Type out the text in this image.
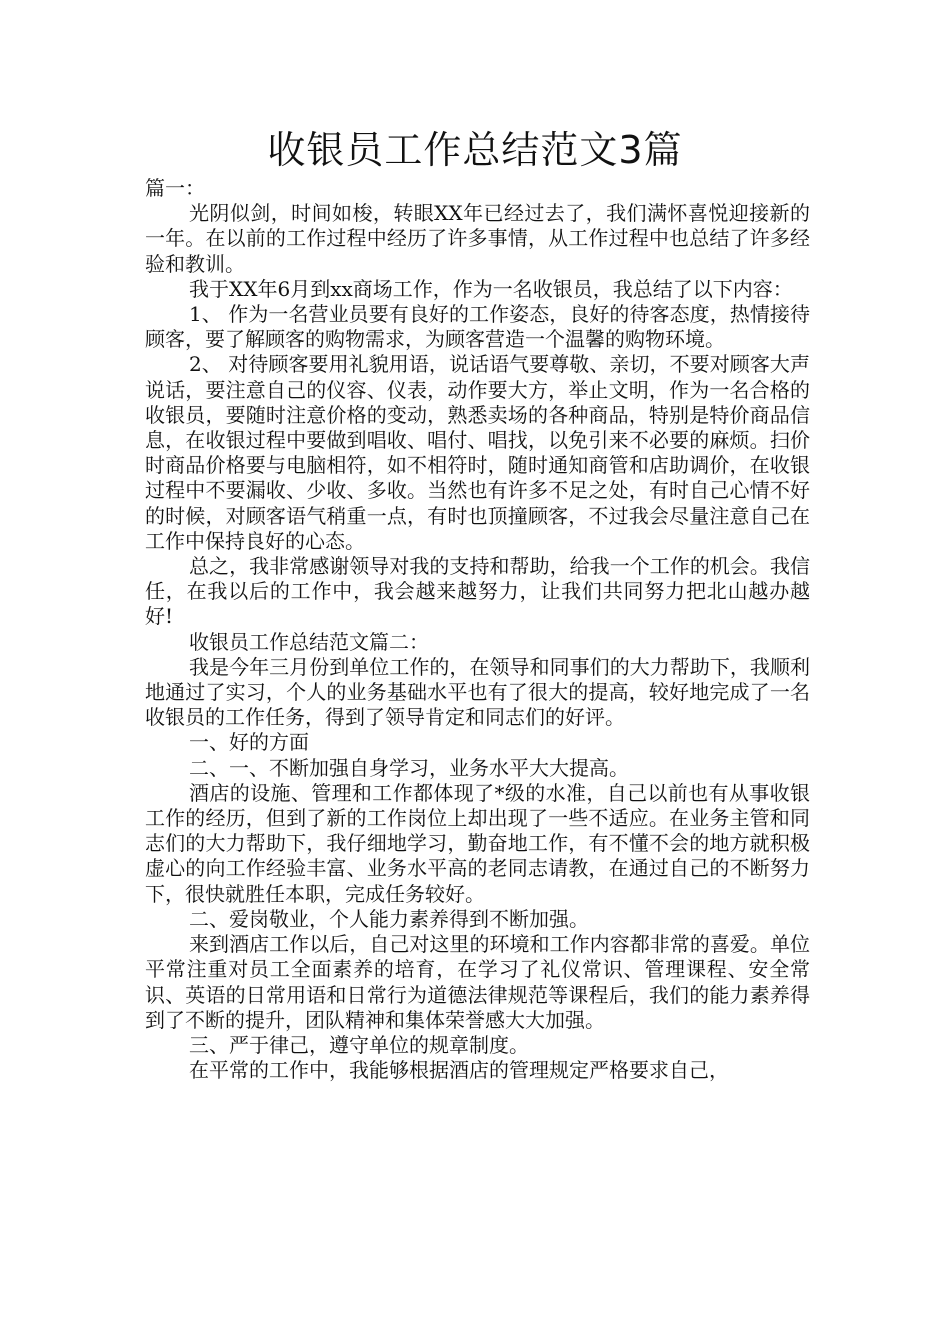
收银员工作总结范文3篇

篇一：

光阴似剑，时间如梭，转眼XX年已经过去了，我们满怀喜悦迎接新的一年。在以前的工作过程中经历了许多事情，从工作过程中也总结了许多经验和教训。

我于XX年6月到xx商场工作，作为一名收银员，我总结了以下内容：

1、 作为一名营业员要有良好的工作姿态，良好的待客态度，热情接待顾客，要了解顾客的购物需求，为顾客营造一个温馨的购物环境。

2、 对待顾客要用礼貌用语，说话语气要尊敬、亲切，不要对顾客大声说话，要注意自己的仪容、仪表，动作要大方，举止文明，作为一名合格的收银员，要随时注意价格的变动，熟悉卖场的各种商品，特别是特价商品信息，在收银过程中要做到唱收、唱付、唱找，以免引来不必要的麻烦。扫价时商品价格要与电脑相符，如不相符时，随时通知商管和店助调价，在收银过程中不要漏收、少收、多收。当然也有许多不足之处，有时自己心情不好的时候，对顾客语气稍重一点，有时也顶撞顾客，不过我会尽量注意自己在工作中保持良好的心态。

总之，我非常感谢领导对我的支持和帮助，给我一个工作的机会。我信任，在我以后的工作中，我会越来越努力，让我们共同努力把北山越办越好!

收银员工作总结范文篇二：

我是今年三月份到单位工作的，在领导和同事们的大力帮助下，我顺利地通过了实习，个人的业务基础水平也有了很大的提高，较好地完成了一名收银员的工作任务，得到了领导肯定和同志们的好评。

一、好的方面

二、一、不断加强自身学习，业务水平大大提高。

酒店的设施、管理和工作都体现了*级的水准，自己以前也有从事收银工作的经历，但到了新的工作岗位上却出现了一些不适应。在业务主管和同志们的大力帮助下，我仔细地学习，勤奋地工作，有不懂不会的地方就积极虚心的向工作经验丰富、业务水平高的老同志请教，在通过自己的不断努力下，很快就胜任本职，完成任务较好。

二、爱岗敬业，个人能力素养得到不断加强。

来到酒店工作以后，自己对这里的环境和工作内容都非常的喜爱。单位平常注重对员工全面素养的培育，在学习了礼仪常识、管理课程、安全常识、英语的日常用语和日常行为道德法律规范等课程后，我们的能力素养得到了不断的提升，团队精神和集体荣誉感大大加强。

三、严于律己，遵守单位的规章制度。

在平常的工作中，我能够根据酒店的管理规定严格要求自己，
